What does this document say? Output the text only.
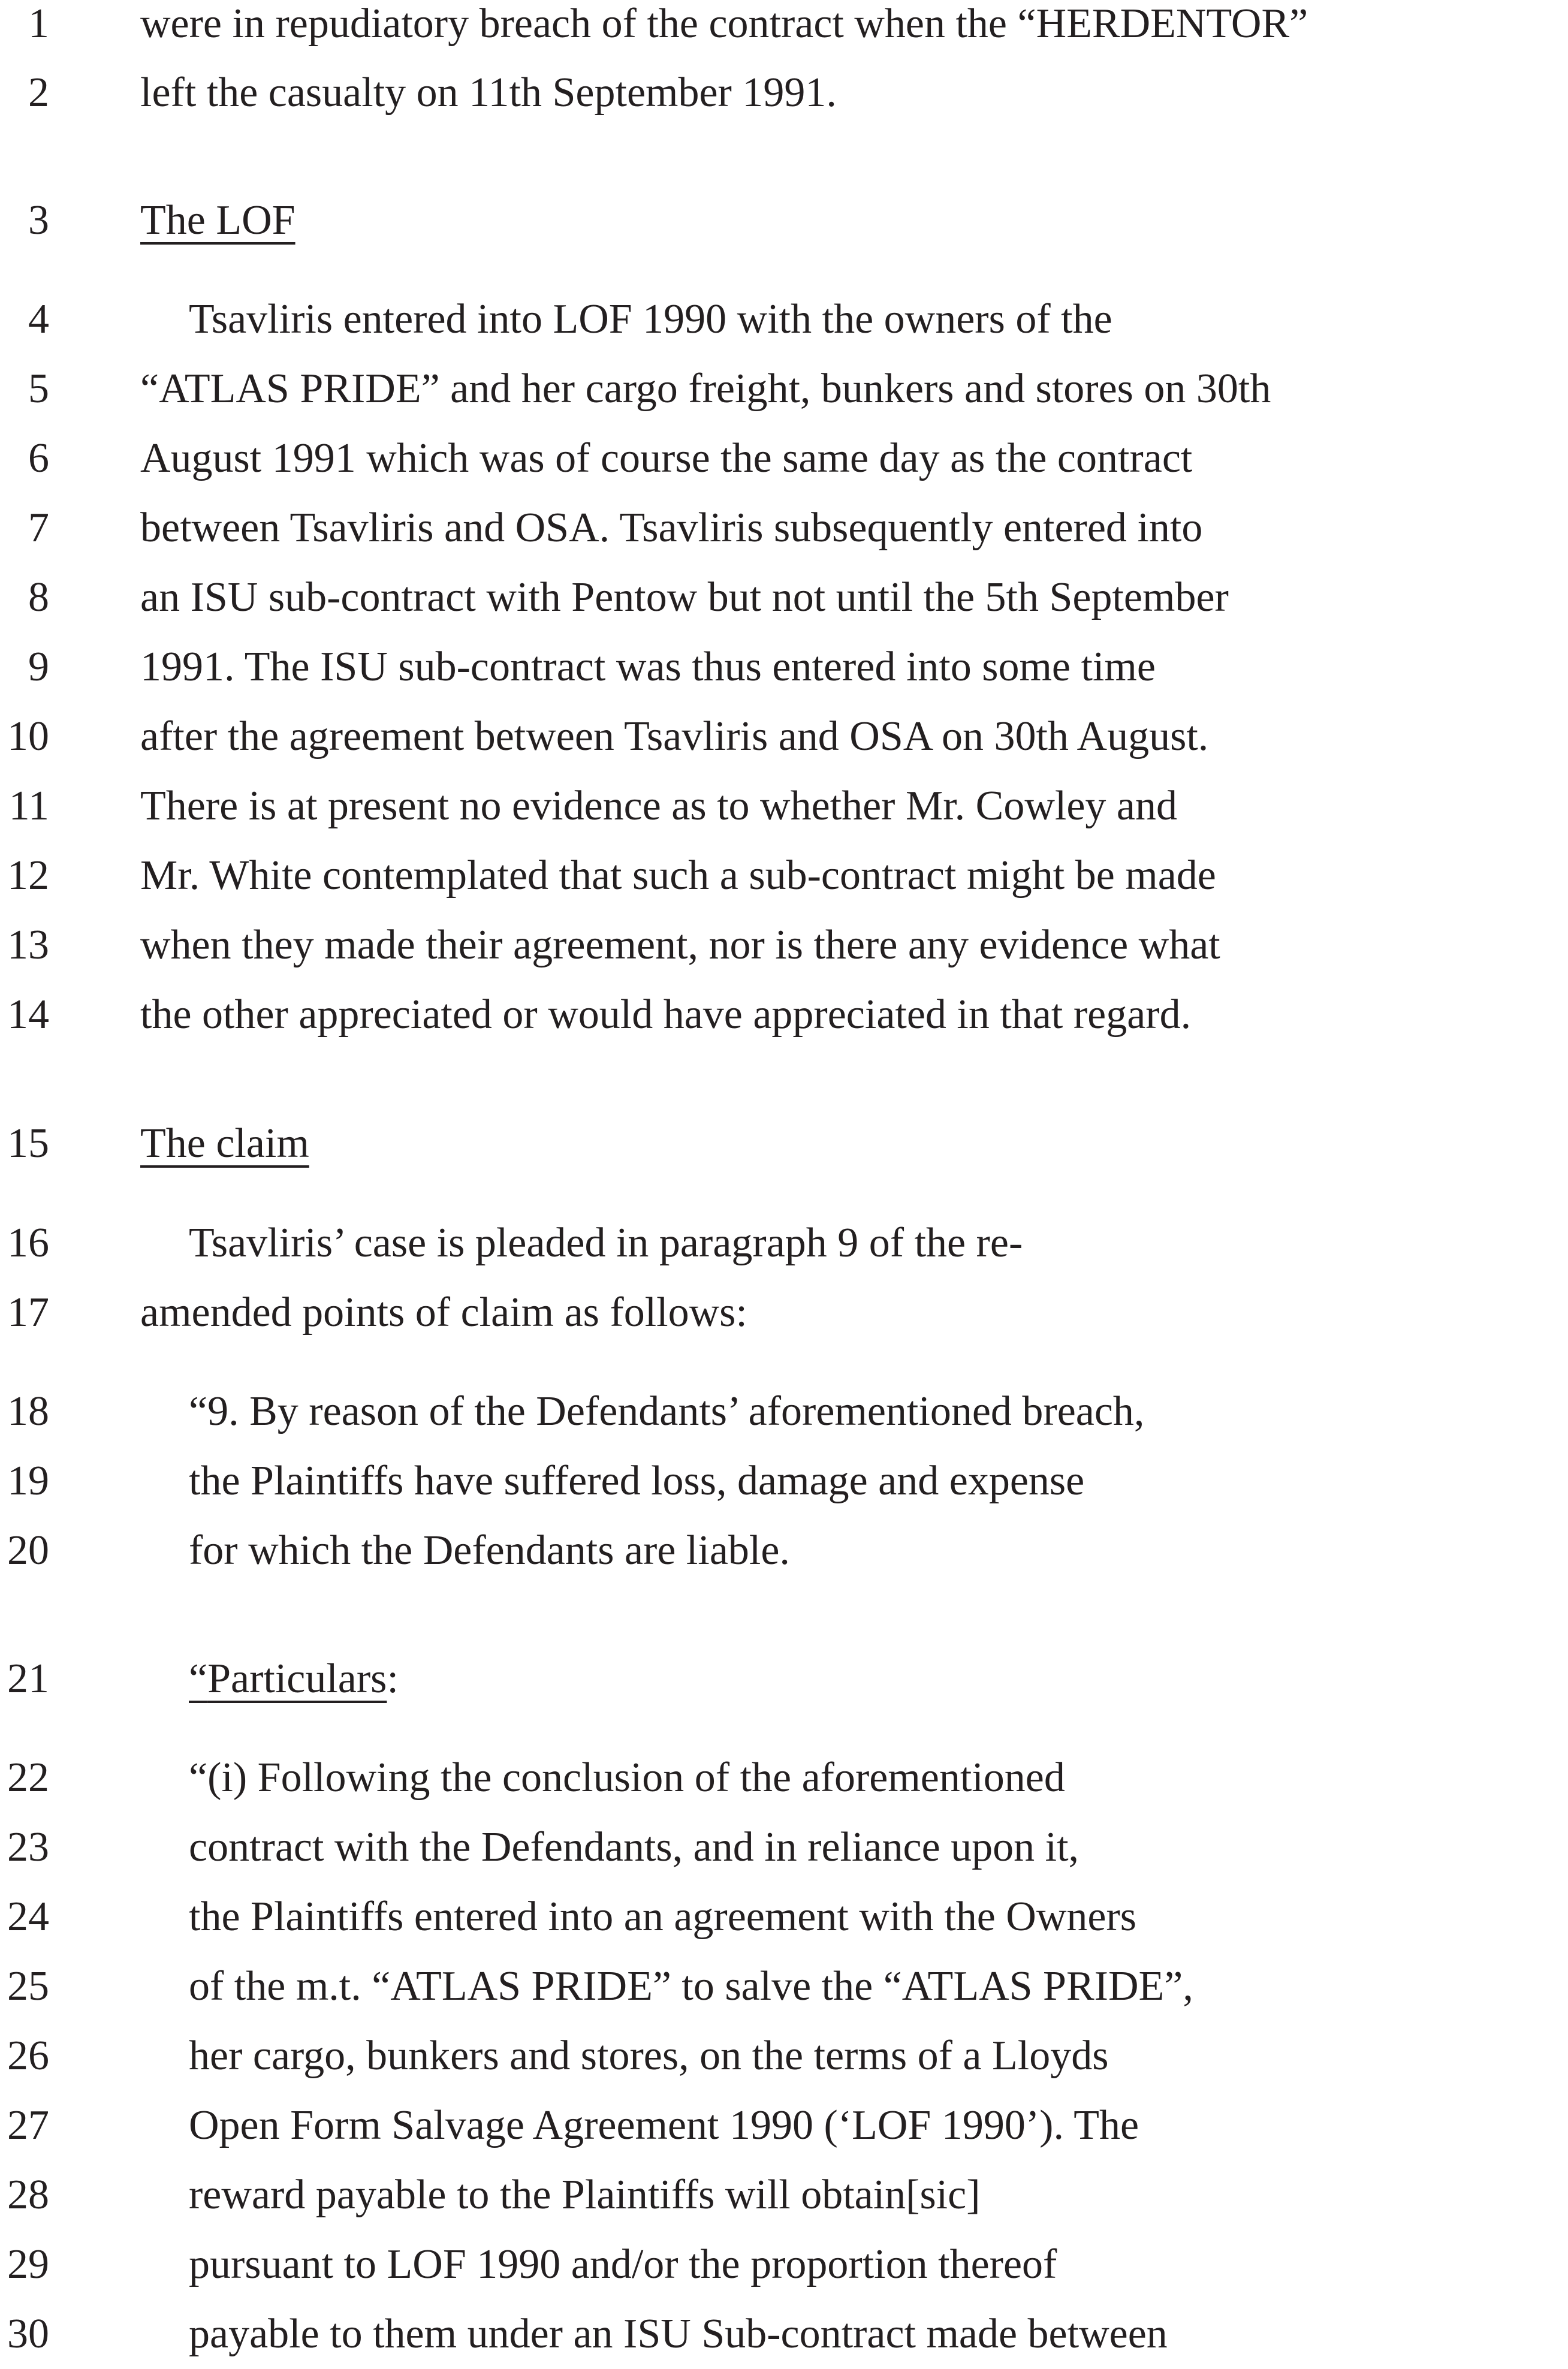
1 were in repudiatory breach of the contract when the “HERDENTOR”
2 left the casualty on 11th September 1991.
3 The LOF
4	Tsavliris entered into LOF 1990 with the owners of the
5 “ATLAS PRIDE” and her cargo freight, bunkers and stores on 30th
6 August 1991 which was of course the same day as the contract
7 between Tsavliris and OSA. Tsavliris subsequently entered into
8 an ISU sub-contract with Pentow but not until the 5th September
9 1991. The ISU sub-contract was thus entered into some time
10 after the agreement between Tsavliris and OSA on 30th August.
11 There is at present no evidence as to whether Mr. Cowley and
12 Mr. White contemplated that such a sub-contract might be made
13 when they made their agreement, nor is there any evidence what
14 the other appreciated or would have appreciated in that regard.
15 The claim
16	Tsavliris’ case is pleaded in paragraph 9 of the re-
17 amended points of claim as follows:
18	“9. By reason of the Defendants’ aforementioned breach,
19	the Plaintiffs have suffered loss, damage and expense
20	for which the Defendants are liable.
21	“Particulars:
22	“(i) Following the conclusion of the aforementioned
23	contract with the Defendants, and in reliance upon it,
24	the Plaintiffs entered into an agreement with the Owners
25	of the m.t. “ATLAS PRIDE” to salve the “ATLAS PRIDE”,
26	her cargo, bunkers and stores, on the terms of a Lloyds
27	Open Form Salvage Agreement 1990 (‘LOF 1990’). The
28	reward payable to the Plaintiffs will obtain[sic]
29	pursuant to LOF 1990 and/or the proportion thereof
30	payable to them under an ISU Sub-contract made between
